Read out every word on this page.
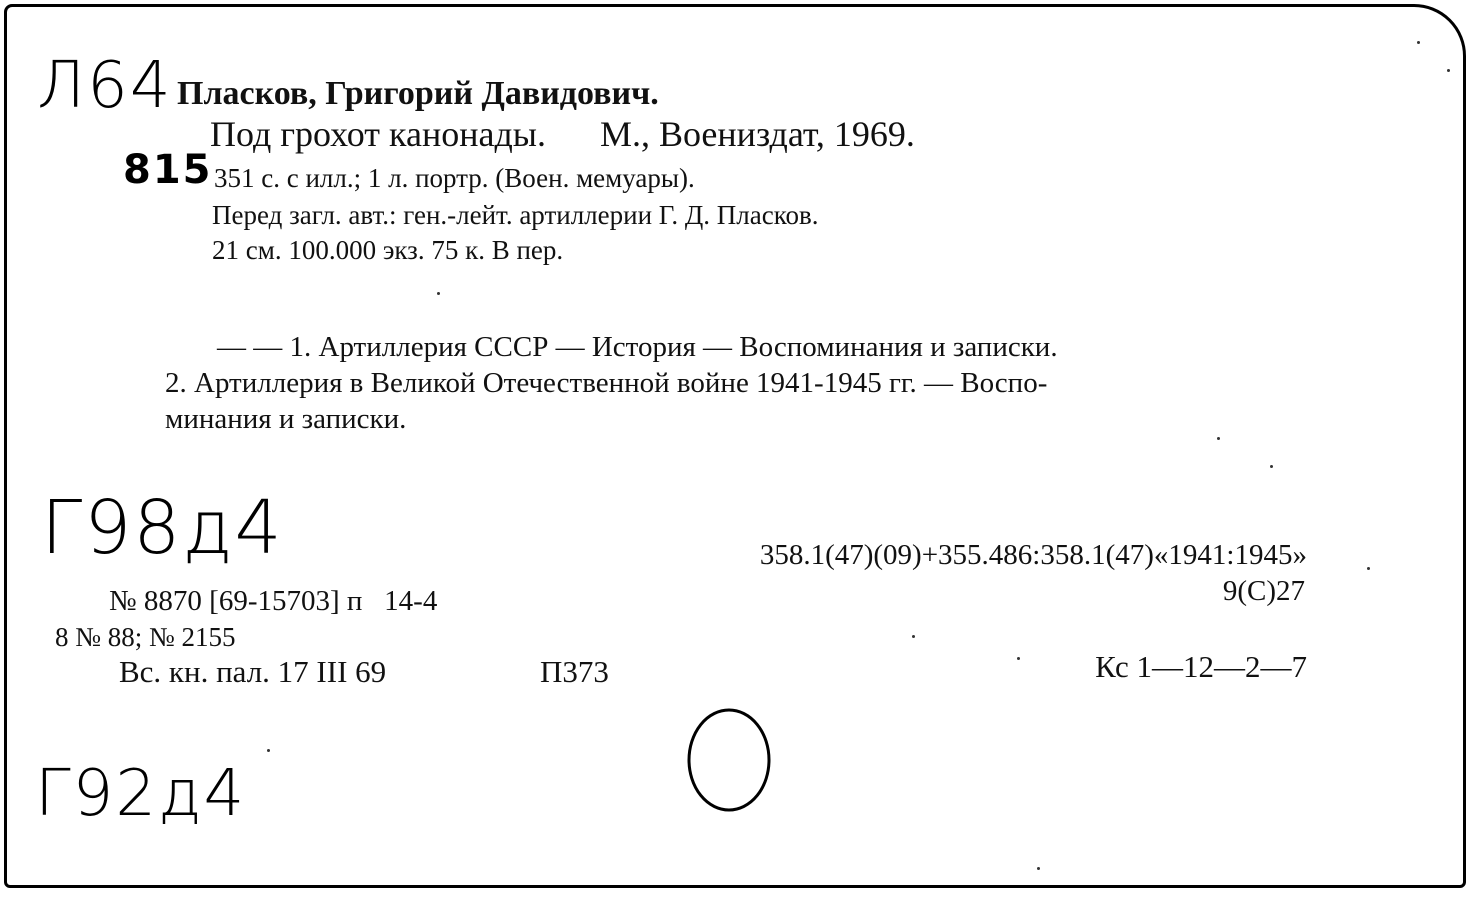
Л64
815
Пласков, Григорий Давидович.
Под грохот канонады.      М., Воениздат, 1969.
351 с. с илл.; 1 л. портр. (Воен. мемуары).
Перед загл. авт.: ген.-лейт. артиллерии Г. Д. Пласков.
21 см. 100.000 экз. 75 к. В пер.
— — 1. Артиллерия СССР — История — Воспоминания и записки.
2. Артиллерия в Великой Отечественной войне 1941-1945 гг. — Воспо-
минания и записки.
Г98д4	358.1(47)(09)+355.486:358.1(47)«1941:1945»
9(С)27
№ 8870 [69-15703] п   14-4
8 № 88; № 2155
Вс. кн. пал. 17 III 69	П373	Кс 1—12—2—7
Г92д4
